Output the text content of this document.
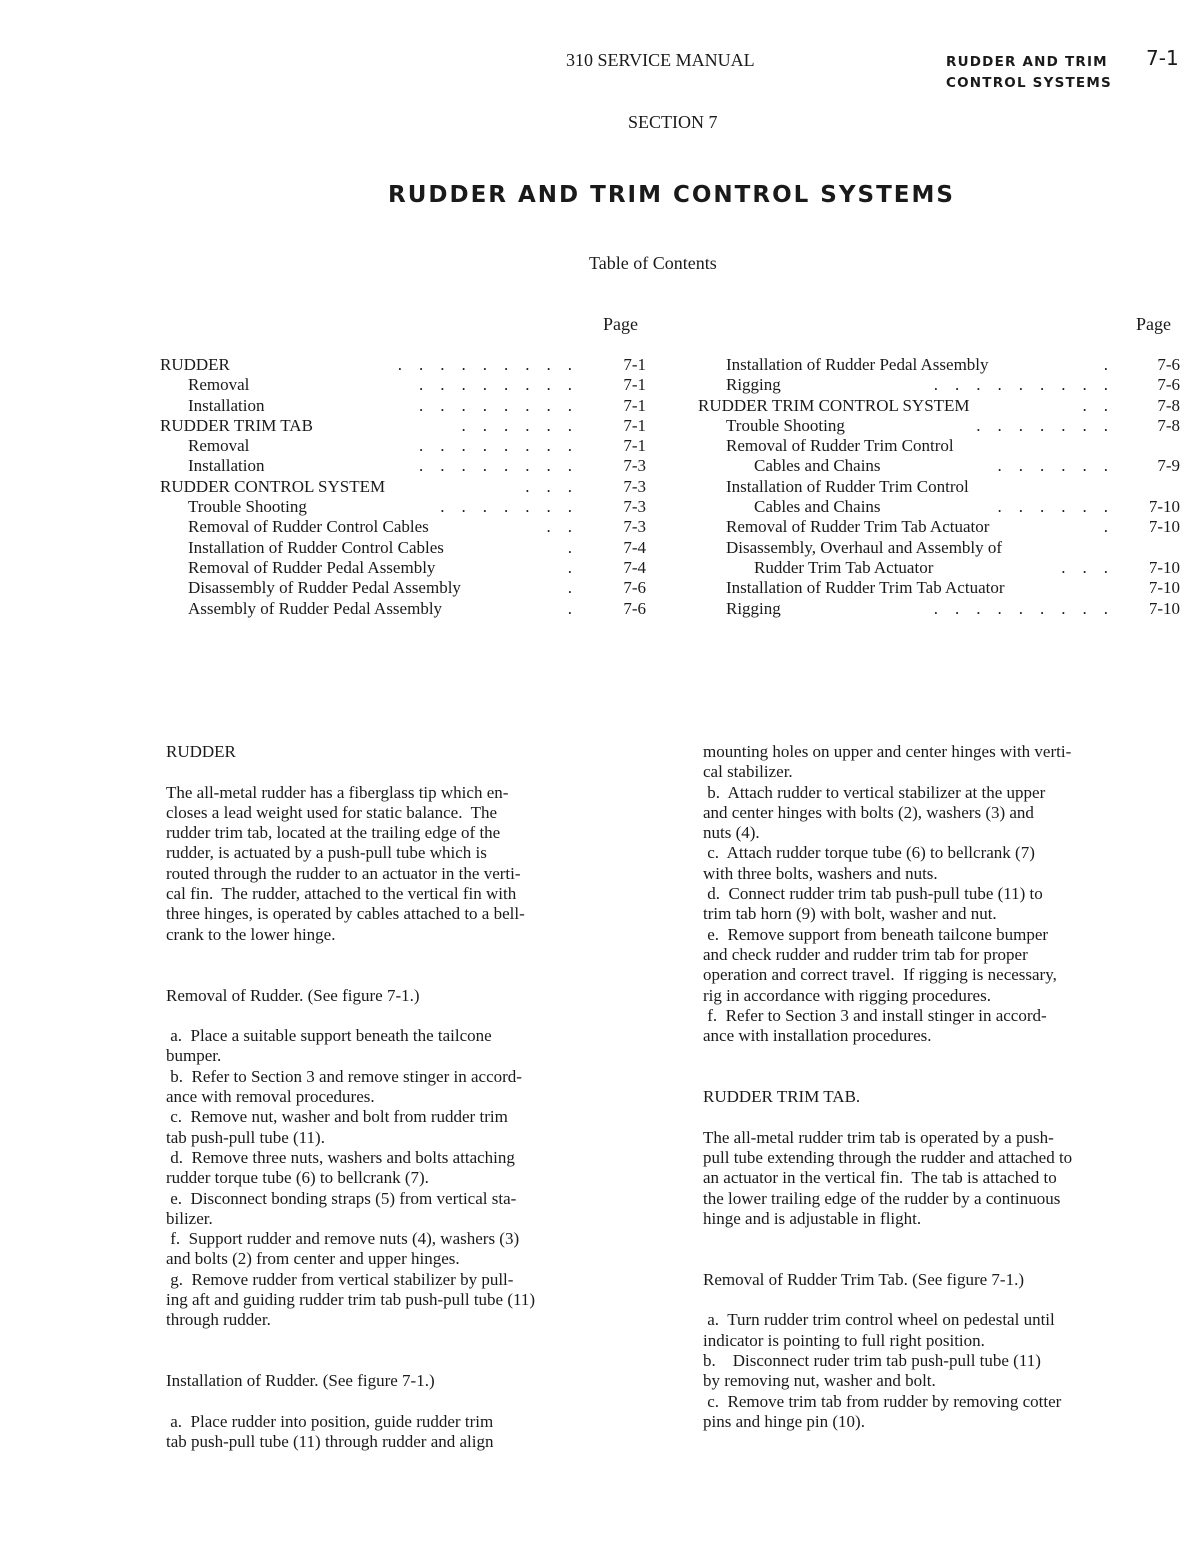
310 SERVICE MANUAL	RUDDER AND TRIM
CONTROL SYSTEMS
7-1
SECTION 7
RUDDER AND TRIM CONTROL SYSTEMS
Table of Contents
Page	Page
RUDDER	.    .    .    .    .    .    .    .    .	7-1
Removal	.    .    .    .    .    .    .    .	7-1
Installation	.    .    .    .    .    .    .    .	7-1
RUDDER TRIM TAB	.    .    .    .    .    .	7-1
Removal	.    .    .    .    .    .    .    .	7-1
Installation	.    .    .    .    .    .    .    .	7-3
RUDDER CONTROL SYSTEM	.    .    .	7-3
Trouble Shooting	.    .    .    .    .    .    .	7-3
Removal of Rudder Control Cables	.    .	7-3
Installation of Rudder Control Cables	.	7-4
Removal of Rudder Pedal Assembly	.	7-4
Disassembly of Rudder Pedal Assembly	.	7-6
Assembly of Rudder Pedal Assembly	.	7-6
Installation of Rudder Pedal Assembly	.	7-6
Rigging	.    .    .    .    .    .    .    .    .	7-6
RUDDER TRIM CONTROL SYSTEM	.    .	7-8
Trouble Shooting	.    .    .    .    .    .    .	7-8
Removal of Rudder Trim Control
Cables and Chains	.    .    .    .    .    .	7-9
Installation of Rudder Trim Control
Cables and Chains	.    .    .    .    .    .	7-10
Removal of Rudder Trim Tab Actuator	.	7-10
Disassembly, Overhaul and Assembly of
Rudder Trim Tab Actuator	.    .    .	7-10
Installation of Rudder Trim Tab Actuator	7-10
Rigging	.    .    .    .    .    .    .    .    .	7-10

RUDDER

The all-metal rudder has a fiberglass tip which en-
closes a lead weight used for static balance.  The
rudder trim tab, located at the trailing edge of the
rudder, is actuated by a push-pull tube which is
routed through the rudder to an actuator in the verti-
cal fin.  The rudder, attached to the vertical fin with
three hinges, is operated by cables attached to a bell-
crank to the lower hinge.

Removal of Rudder. (See figure 7-1.)

a.  Place a suitable support beneath the tailcone
bumper.
b.  Refer to Section 3 and remove stinger in accord-
ance with removal procedures.
c.  Remove nut, washer and bolt from rudder trim
tab push-pull tube (11).
d.  Remove three nuts, washers and bolts attaching
rudder torque tube (6) to bellcrank (7).
e.  Disconnect bonding straps (5) from vertical sta-
bilizer.
f.  Support rudder and remove nuts (4), washers (3)
and bolts (2) from center and upper hinges.
g.  Remove rudder from vertical stabilizer by pull-
ing aft and guiding rudder trim tab push-pull tube (11)
through rudder.

Installation of Rudder. (See figure 7-1.)

a.  Place rudder into position, guide rudder trim
tab push-pull tube (11) through rudder and align
mounting holes on upper and center hinges with verti-
cal stabilizer.
b.  Attach rudder to vertical stabilizer at the upper
and center hinges with bolts (2), washers (3) and
nuts (4).
c.  Attach rudder torque tube (6) to bellcrank (7)
with three bolts, washers and nuts.
d.  Connect rudder trim tab push-pull tube (11) to
trim tab horn (9) with bolt, washer and nut.
e.  Remove support from beneath tailcone bumper
and check rudder and rudder trim tab for proper
operation and correct travel.  If rigging is necessary,
rig in accordance with rigging procedures.
f.  Refer to Section 3 and install stinger in accord-
ance with installation procedures.

RUDDER TRIM TAB.

The all-metal rudder trim tab is operated by a push-
pull tube extending through the rudder and attached to
an actuator in the vertical fin.  The tab is attached to
the lower trailing edge of the rudder by a continuous
hinge and is adjustable in flight.

Removal of Rudder Trim Tab. (See figure 7-1.)

a.  Turn rudder trim control wheel on pedestal until
indicator is pointing to full right position.
b.    Disconnect ruder trim tab push-pull tube (11)
by removing nut, washer and bolt.
c.  Remove trim tab from rudder by removing cotter
pins and hinge pin (10).
